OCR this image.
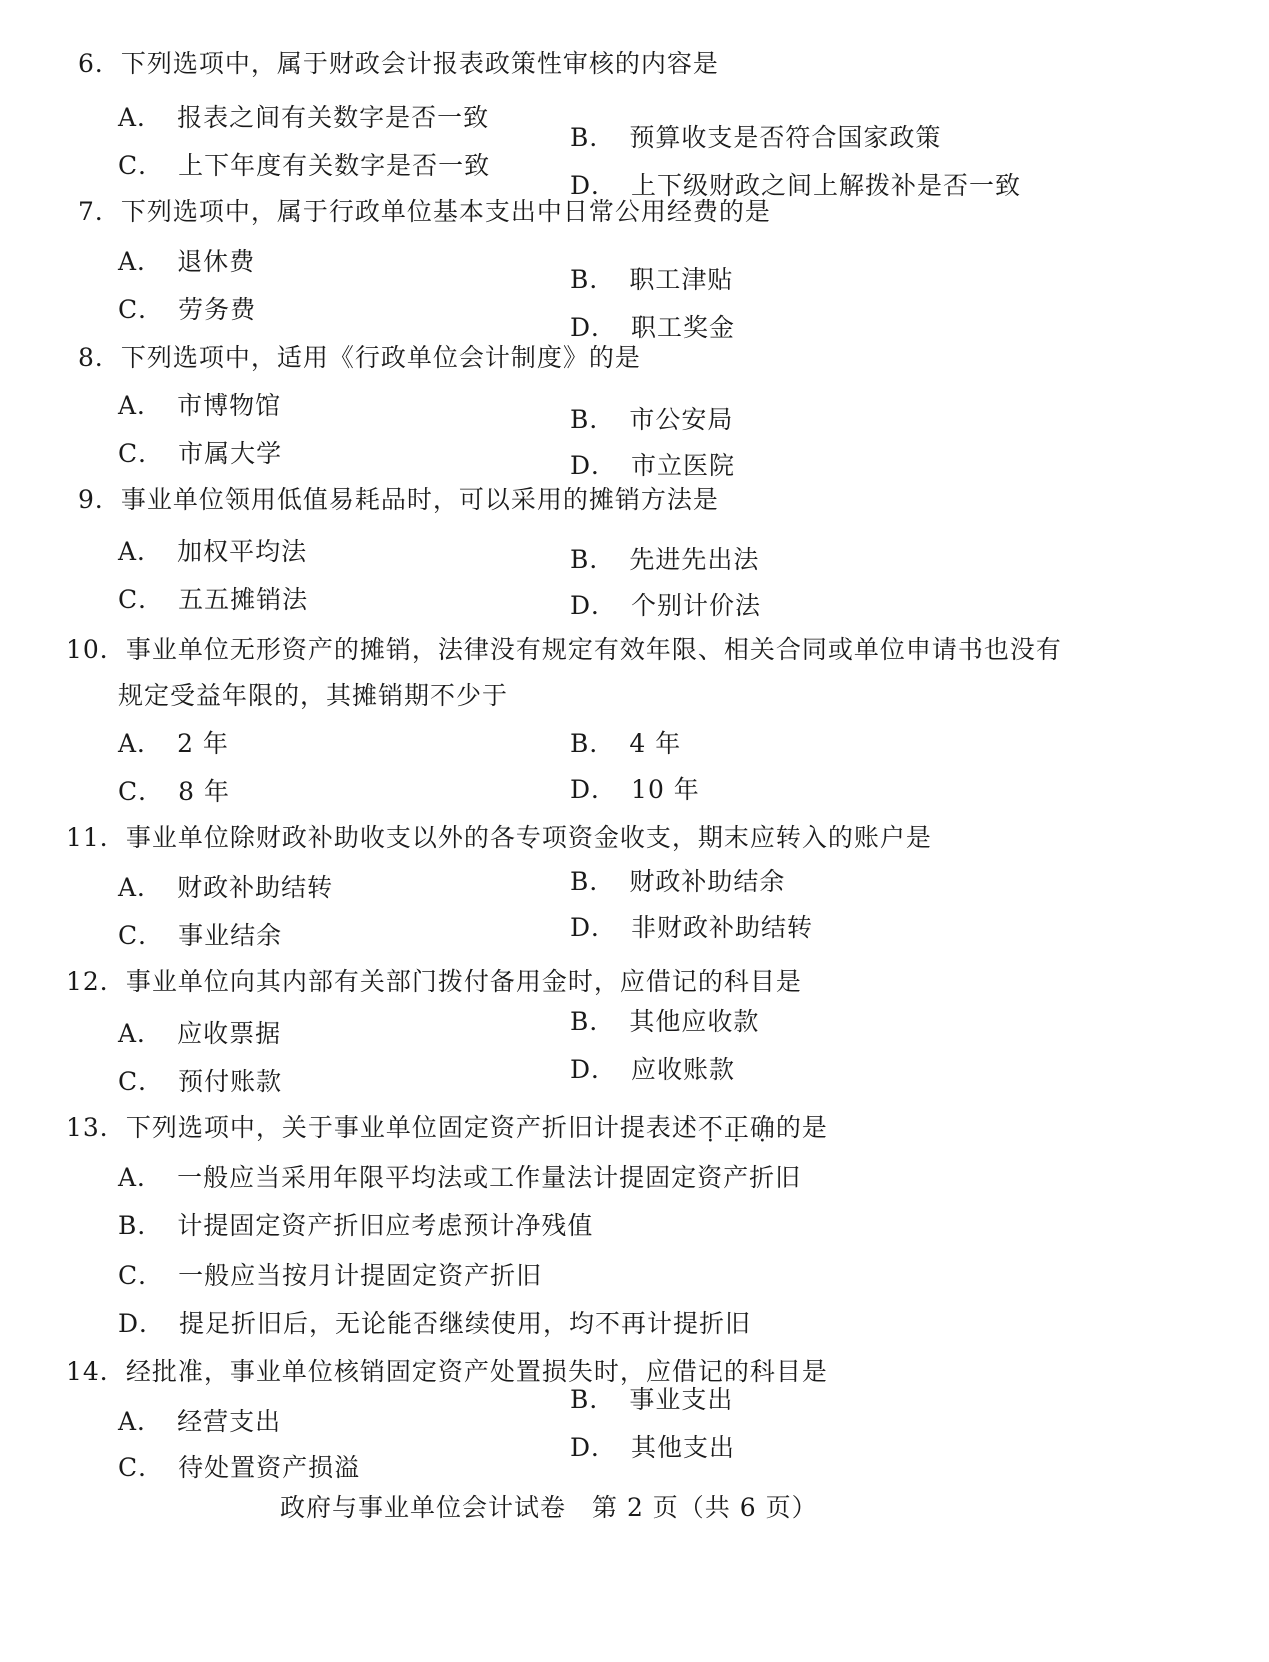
6．下列选项中，属于财政会计报表政策性审核的内容是
A． 报表之间有关数字是否一致
B． 预算收支是否符合国家政策
C． 上下年度有关数字是否一致
D． 上下级财政之间上解拨补是否一致
7．下列选项中，属于行政单位基本支出中日常公用经费的是
A． 退休费
B． 职工津贴
C． 劳务费
D． 职工奖金
8．下列选项中，适用《行政单位会计制度》的是
A． 市博物馆	B． 市公安局
C． 市属大学	D． 市立医院
9．事业单位领用低值易耗品时，可以采用的摊销方法是
A． 加权平均法	B． 先进先出法
C． 五五摊销法	D． 个别计价法
10．事业单位无形资产的摊销，法律没有规定有效年限、相关合同或单位申请书也没有
规定受益年限的，其摊销期不少于
A． 2 年	B． 4 年
C． 8 年	D． 10 年
11．事业单位除财政补助收支以外的各专项资金收支，期末应转入的账户是
A． 财政补助结转	B． 财政补助结余
C． 事业结余	D． 非财政补助结转
12．事业单位向其内部有关部门拨付备用金时，应借记的科目是
A． 应收票据	B． 其他应收款
C． 预付账款	D． 应收账款
13．下列选项中，关于事业单位固定资产折旧计提表述不正确的是
A． 一般应当采用年限平均法或工作量法计提固定资产折旧
B． 计提固定资产折旧应考虑预计净残值
C． 一般应当按月计提固定资产折旧
D． 提足折旧后，无论能否继续使用，均不再计提折旧
14．经批准，事业单位核销固定资产处置损失时，应借记的科目是
A． 经营支出
B． 事业支出
C． 待处置资产损溢
D． 其他支出
政府与事业单位会计试卷　第 2 页（共 6 页）
